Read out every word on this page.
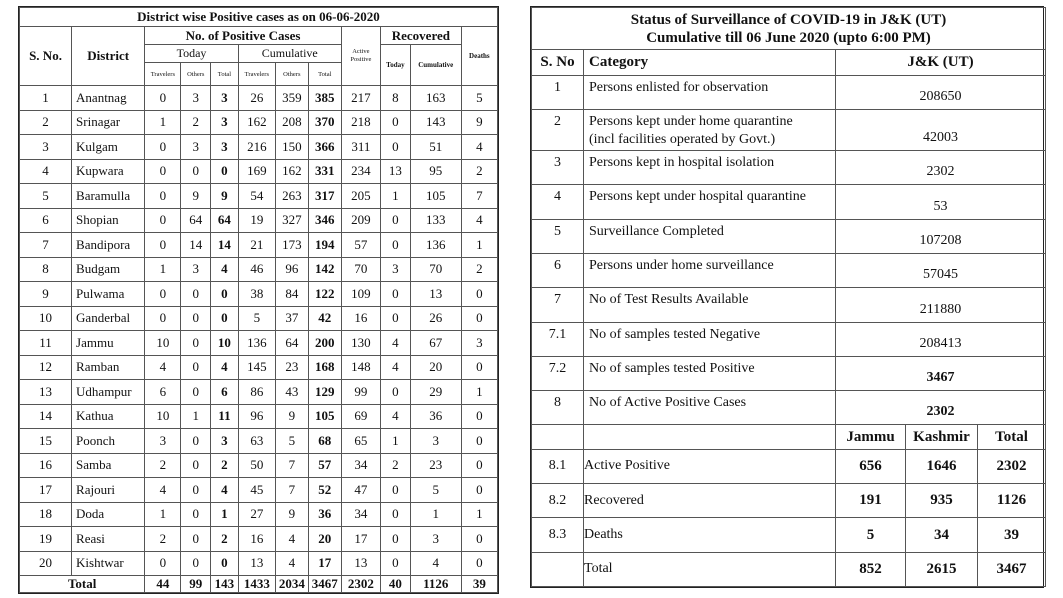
District wise Positive cases as on 06-06-2020											
S. No.	District	No. of Positive Cases						Active Positive	Recovered		Deaths
		Today			Cumulative				Today	Cumulative	
		Travelers	Others	Total	Travelers	Others	Total				
1	Anantnag	0	3	3	26	359	385	217	8	163	5
2	Srinagar	1	2	3	162	208	370	218	0	143	9
3	Kulgam	0	3	3	216	150	366	311	0	51	4
4	Kupwara	0	0	0	169	162	331	234	13	95	2
5	Baramulla	0	9	9	54	263	317	205	1	105	7
6	Shopian	0	64	64	19	327	346	209	0	133	4
7	Bandipora	0	14	14	21	173	194	57	0	136	1
8	Budgam	1	3	4	46	96	142	70	3	70	2
9	Pulwama	0	0	0	38	84	122	109	0	13	0
10	Ganderbal	0	0	0	5	37	42	16	0	26	0
11	Jammu	10	0	10	136	64	200	130	4	67	3
12	Ramban	4	0	4	145	23	168	148	4	20	0
13	Udhampur	6	0	6	86	43	129	99	0	29	1
14	Kathua	10	1	11	96	9	105	69	4	36	0
15	Poonch	3	0	3	63	5	68	65	1	3	0
16	Samba	2	0	2	50	7	57	34	2	23	0
17	Rajouri	4	0	4	45	7	52	47	0	5	0
18	Doda	1	0	1	27	9	36	34	0	1	1
19	Reasi	2	0	2	16	4	20	17	0	3	0
20	Kishtwar	0	0	0	13	4	17	13	0	4	0
Total		44	99	143	1433	2034	3467	2302	40	1126	39
Status of Surveillance of COVID-19 in J&K (UT)
Cumulative till 06 June 2020 (upto 6:00 PM)				

S. No	Category	J&K (UT)		
1	Persons enlisted for observation	208650		
2	Persons kept under home quarantine
(incl facilities operated by Govt.)	42003		
3	Persons kept in hospital isolation	2302		
4	Persons kept under hospital quarantine	53		
5	Surveillance Completed	107208		
6	Persons under home surveillance	57045		
7	No of Test Results Available	211880		
7.1	No of samples tested Negative	208413		
7.2	No of samples tested Positive	3467		
8	No of Active Positive Cases	2302		
		Jammu	Kashmir	Total
8.1	Active Positive	656	1646	2302
8.2	Recovered	191	935	1126
8.3	Deaths	5	34	39
	Total	852	2615	3467
